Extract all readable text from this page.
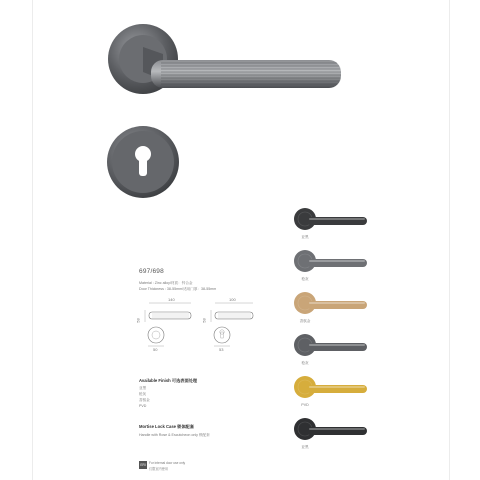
697/698
Material : Zinc alloy/材质：锌合金
Door Thickness : 38-55mm/适用门厚：38-55mm
140
58
50
100
58
53
Available Finish 可选表面处理
亚黑
枪灰
香槟金
PVD
Mortise Lock Case 锁体配套
Handle with Rose & Escutcheon only 锁配套
ERI	For internal door use only
仅限室内使用
亚黑
枪灰
香槟金
枪灰
PVD
亚黑
